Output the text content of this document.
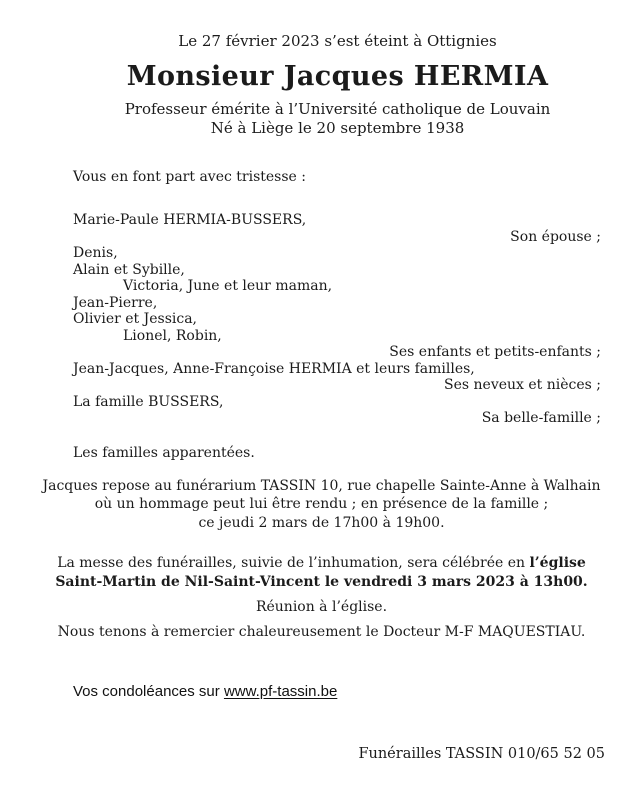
Le 27 février 2023 s’est éteint à Ottignies
Monsieur Jacques HERMIA
Professeur émérite à l’Université catholique de Louvain
Né à Liège le 20 septembre 1938
Vous en font part avec tristesse :
Marie-Paule HERMIA-BUSSERS,
Son épouse ;
Denis,
Alain et Sybille,
Victoria, June et leur maman,
Jean-Pierre,
Olivier et Jessica,
Lionel, Robin,
Ses enfants et petits-enfants ;
Jean-Jacques, Anne-Françoise HERMIA et leurs familles,
Ses neveux et nièces ;
La famille BUSSERS,
Sa belle-famille ;
Les familles apparentées.
Jacques repose au funérarium TASSIN 10, rue chapelle Sainte-Anne à Walhain
où un hommage peut lui être rendu ; en présence de la famille ;
ce jeudi 2 mars de 17h00 à 19h00.
La messe des funérailles, suivie de l’inhumation, sera célébrée en l’église
Saint-Martin de Nil-Saint-Vincent le vendredi 3 mars 2023 à 13h00.
Réunion à l’église.
Nous tenons à remercier chaleureusement le Docteur M-F MAQUESTIAU.
Vos condoléances sur www.pf-tassin.be
Funérailles TASSIN 010/65 52 05
